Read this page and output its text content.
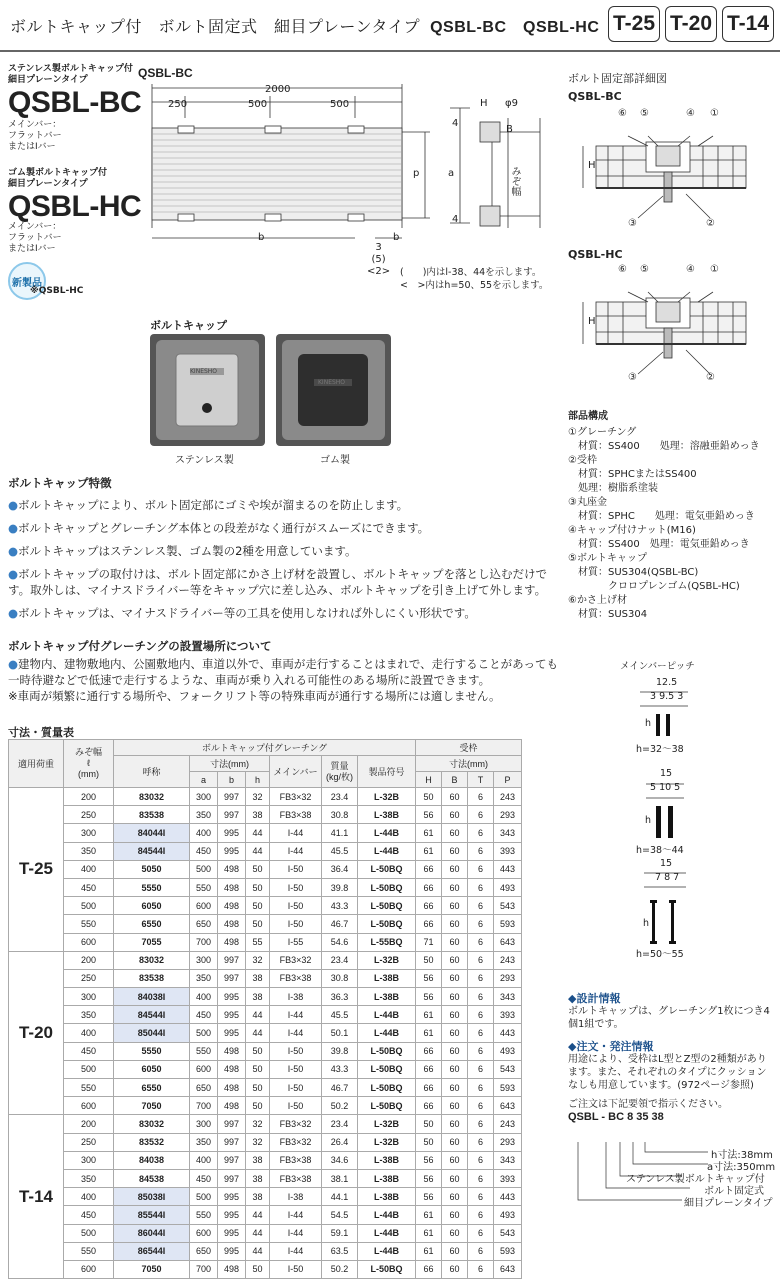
ボルトキャップ付　ボルト固定式　細目プレーンタイプ QSBL-BC　QSBL-HC T-25 T-20 T-14
ステンレス製ボルトキャップ付
細目プレーンタイプ
QSBL-BC
メインバー：
フラットバー
またはIバー
ゴム製ボルトキャップ付
細目プレーンタイプ
QSBL-HC
メインバー：
フラットバー
またはIバー
新製品
※QSBL-HC
QSBL-BC
2000
250	500	500
b	b
p	a
H
B
4
4
φ9
みぞ幅
3
(5)
<2> (　　)内はl-38、44を示します。
<　>内はh=50、55を示します。
ボルトキャップ
KINESHO
KINESHO
ステンレス製	ゴム製
ボルトキャップ特徴

●ボルトキャップにより、ボルト固定部にゴミや埃が溜まるのを防止します。

●ボルトキャップとグレーチング本体との段差がなく通行がスムーズにできます。

●ボルトキャップはステンレス製、ゴム製の2種を用意しています。

●ボルトキャップの取付けは、ボルト固定部にかさ上げ材を設置し、ボルトキャップを落とし込むだけです。取外しは、マイナスドライバー等をキャップ穴に差し込み、ボルトキャップを引き上げて外します。

●ボルトキャップは、マイナスドライバー等の工具を使用しなければ外しにくい形状です。

ボルトキャップ付グレーチングの設置場所について

●建物内、建物敷地内、公園敷地内、車道以外で、車両が走行することはまれで、走行することがあっても一時待避などで低速で走行するような、車両が乗り入れる可能性のある場所に設置できます。

※車両が頻繁に通行する場所や、フォークリフト等の特殊車両が通行する場所には適しません。

寸法・質量表
適用荷重	みぞ幅
ℓ
(mm)	ボルトキャップ付グレーチング							受枠			
		呼称	寸法(mm)			メインバー	質量
(kg/枚)	製品符号	寸法(mm)			
			a	b	h				H	B	T	P
T-25	200	83032	300	997	32	FB3×32	23.4	L-32B	50	60	6	243
	250	83538	350	997	38	FB3×38	30.8	L-38B	56	60	6	293
	300	84044I	400	995	44	I-44	41.1	L-44B	61	60	6	343
	350	84544I	450	995	44	I-44	45.5	L-44B	61	60	6	393
	400	5050	500	498	50	I-50	36.4	L-50BQ	66	60	6	443
	450	5550	550	498	50	I-50	39.8	L-50BQ	66	60	6	493
	500	6050	600	498	50	I-50	43.3	L-50BQ	66	60	6	543
	550	6550	650	498	50	I-50	46.7	L-50BQ	66	60	6	593
	600	7055	700	498	55	I-55	54.6	L-55BQ	71	60	6	643
T-20	200	83032	300	997	32	FB3×32	23.4	L-32B	50	60	6	243
	250	83538	350	997	38	FB3×38	30.8	L-38B	56	60	6	293
	300	84038I	400	995	38	I-38	36.3	L-38B	56	60	6	343
	350	84544I	450	995	44	I-44	45.5	L-44B	61	60	6	393
	400	85044I	500	995	44	I-44	50.1	L-44B	61	60	6	443
	450	5550	550	498	50	I-50	39.8	L-50BQ	66	60	6	493
	500	6050	600	498	50	I-50	43.3	L-50BQ	66	60	6	543
	550	6550	650	498	50	I-50	46.7	L-50BQ	66	60	6	593
	600	7050	700	498	50	I-50	50.2	L-50BQ	66	60	6	643
T-14	200	83032	300	997	32	FB3×32	23.4	L-32B	50	60	6	243
	250	83532	350	997	32	FB3×32	26.4	L-32B	50	60	6	293
	300	84038	400	997	38	FB3×38	34.6	L-38B	56	60	6	343
	350	84538	450	997	38	FB3×38	38.1	L-38B	56	60	6	393
	400	85038I	500	995	38	I-38	44.1	L-38B	56	60	6	443
	450	85544I	550	995	44	I-44	54.5	L-44B	61	60	6	493
	500	86044I	600	995	44	I-44	59.1	L-44B	61	60	6	543
	550	86544I	650	995	44	I-44	63.5	L-44B	61	60	6	593
	600	7050	700	498	50	I-50	50.2	L-50BQ	66	60	6	643
ボルト固定部詳細図
QSBL-BC
⑥ ⑤	④ ①
H
③	②
QSBL-HC
⑥ ⑤	④ ①
H
③	②
部品構成
①グレーチング
　材質：SS400　　処理：溶融亜鉛めっき
②受枠
　材質：SPHCまたはSS400
　処理：樹脂系塗装
③丸座金
　材質：SPHC　　処理：電気亜鉛めっき
④キャップ付けナット(M16)
　材質：SS400　処理：電気亜鉛めっき
⑤ボルトキャップ
　材質：SUS304(QSBL-BC)
　　　　クロロプレンゴム(QSBL-HC)
⑥かさ上げ材
　材質：SUS304
メインバーピッチ
12.5
3 9.5 3
h
h=32〜38
15
5 10 5
h
h=38〜44
15
7 8 7
h
h=50〜55
◆設計情報
ボルトキャップは、グレーチング1枚につき4個1組です。
◆注文・発注情報
用途により、受枠はL型とZ型の2種類があります。また、それぞれのタイプにクッションなしも用意しています。(972ページ参照)
ご注文は下記要領で指示ください。
QSBL - BC 8 35 38
h寸法:38mm
a寸法:350mm
ステンレス製ボルトキャップ付
ボルト固定式
細目プレーンタイプ
